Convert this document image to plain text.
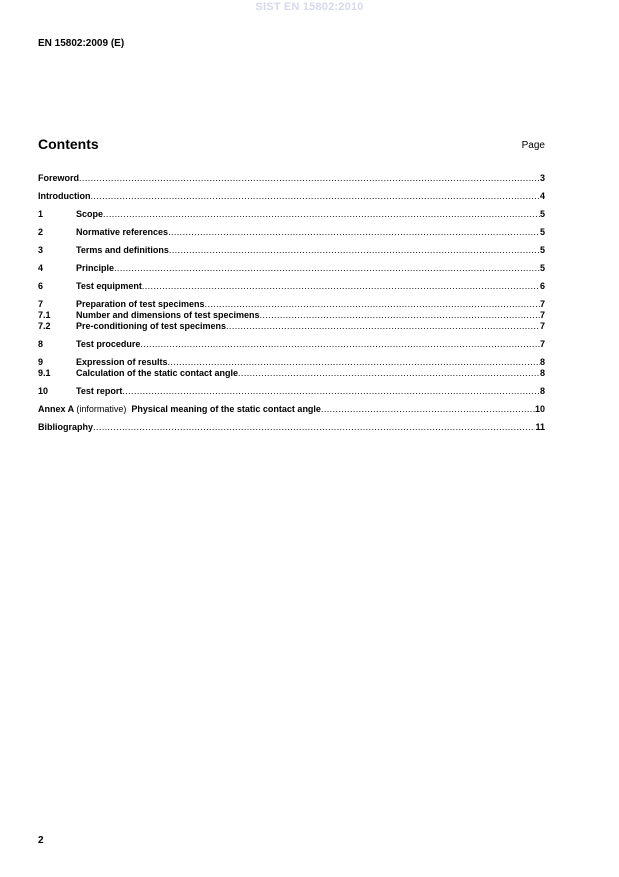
SIST EN 15802:2010
EN 15802:2009 (E)
Contents	Page
Foreword .....	3
Introduction .....	4
1	Scope .....	5
2	Normative references .....	5
3	Terms and definitions .....	5
4	Principle .....	5
6	Test equipment .....	6
7	Preparation of test specimens .....	7
7.1	Number and dimensions of test specimens .....	7
7.2	Pre-conditioning of test specimens .....	7
8	Test procedure .....	7
9	Expression of results .....	8
9.1	Calculation of the static contact angle .....	8
10	Test report .....	8
Annex A (informative) Physical meaning of the static contact angle .....	10
Bibliography .....	11
2
